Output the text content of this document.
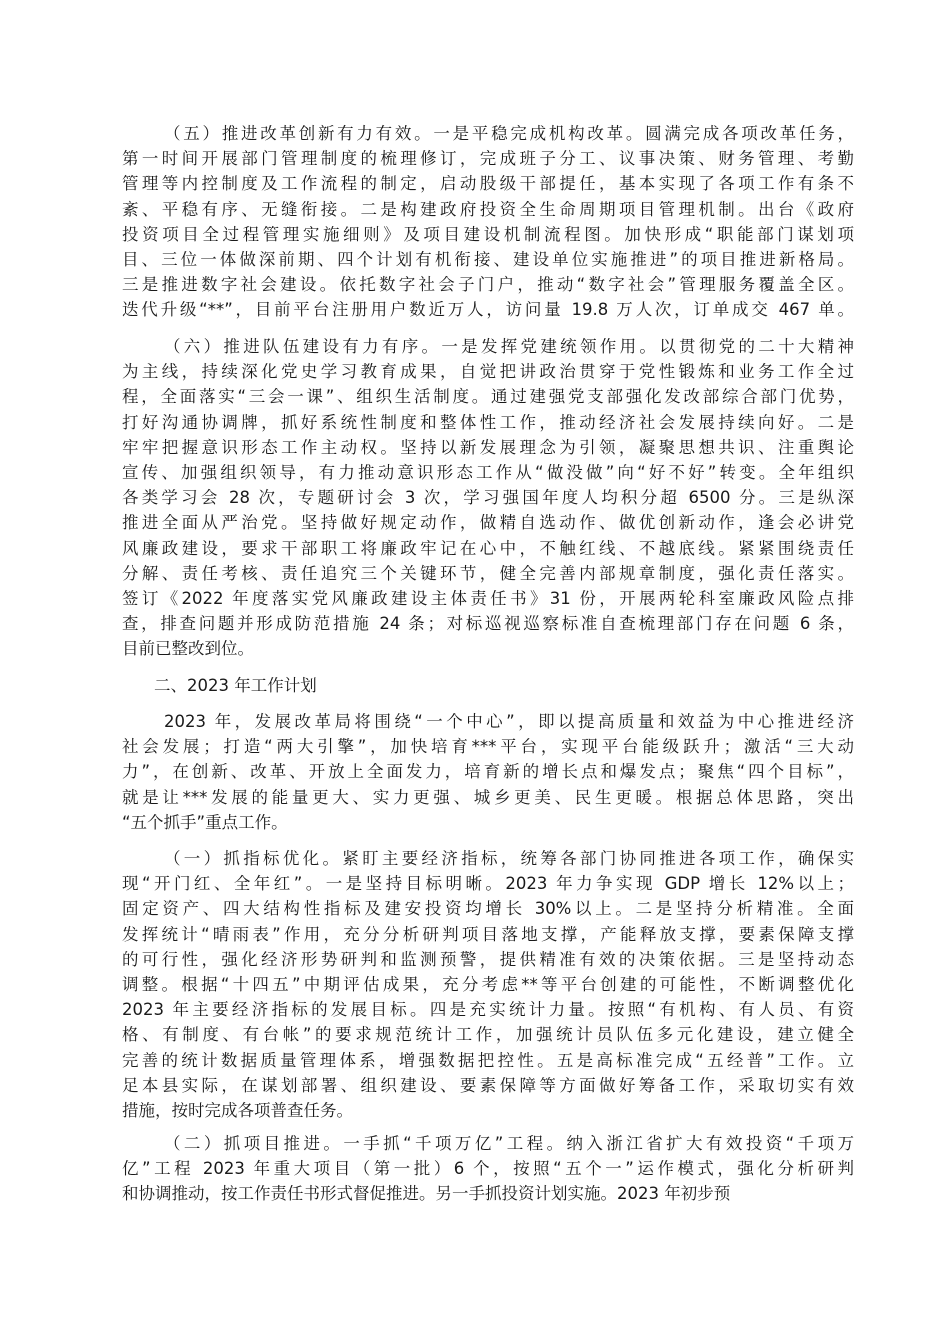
（五）推进改革创新有力有效。一是平稳完成机构改革。圆满完成各项改革任务，
第一时间开展部门管理制度的梳理修订，完成班子分工、议事决策、财务管理、考勤
管理等内控制度及工作流程的制定，启动股级干部提任，基本实现了各项工作有条不
紊、平稳有序、无缝衔接。二是构建政府投资全生命周期项目管理机制。出台《政府
投资项目全过程管理实施细则》及项目建设机制流程图。加快形成“职能部门谋划项
目、三位一体做深前期、四个计划有机衔接、建设单位实施推进”的项目推进新格局。
三是推进数字社会建设。依托数字社会子门户，推动“数字社会”管理服务覆盖全区。
迭代升级“**”，目前平台注册用户数近万人，访问量 19.8 万人次，订单成交 467 单。
（六）推进队伍建设有力有序。一是发挥党建统领作用。以贯彻党的二十大精神
为主线，持续深化党史学习教育成果，自觉把讲政治贯穿于党性锻炼和业务工作全过
程，全面落实“三会一课”、组织生活制度。通过建强党支部强化发改部综合部门优势，
打好沟通协调牌，抓好系统性制度和整体性工作，推动经济社会发展持续向好。二是
牢牢把握意识形态工作主动权。坚持以新发展理念为引领，凝聚思想共识、注重舆论
宣传、加强组织领导，有力推动意识形态工作从“做没做”向“好不好”转变。全年组织
各类学习会 28 次，专题研讨会 3 次，学习强国年度人均积分超 6500 分。三是纵深
推进全面从严治党。坚持做好规定动作，做精自选动作、做优创新动作，逢会必讲党
风廉政建设，要求干部职工将廉政牢记在心中，不触红线、不越底线。紧紧围绕责任
分解、责任考核、责任追究三个关键环节，健全完善内部规章制度，强化责任落实。
签订《2022 年度落实党风廉政建设主体责任书》31 份，开展两轮科室廉政风险点排
查，排查问题并形成防范措施 24 条；对标巡视巡察标准自查梳理部门存在问题 6 条，
目前已整改到位。
二、2023 年工作计划
2023 年，发展改革局将围绕“一个中心”，即以提高质量和效益为中心推进经济
社会发展；打造“两大引擎”，加快培育***平台，实现平台能级跃升；激活“三大动
力”，在创新、改革、开放上全面发力，培育新的增长点和爆发点；聚焦“四个目标”，
就是让***发展的能量更大、实力更强、城乡更美、民生更暖。根据总体思路，突出
“五个抓手”重点工作。
（一）抓指标优化。紧盯主要经济指标，统筹各部门协同推进各项工作，确保实
现“开门红、全年红”。一是坚持目标明晰。2023 年力争实现 GDP 增长 12%以上；
固定资产、四大结构性指标及建安投资均增长 30%以上。二是坚持分析精准。全面
发挥统计“晴雨表”作用，充分分析研判项目落地支撑，产能释放支撑，要素保障支撑
的可行性，强化经济形势研判和监测预警，提供精准有效的决策依据。三是坚持动态
调整。根据“十四五”中期评估成果，充分考虑**等平台创建的可能性，不断调整优化
2023 年主要经济指标的发展目标。四是充实统计力量。按照“有机构、有人员、有资
格、有制度、有台帐”的要求规范统计工作，加强统计员队伍多元化建设，建立健全
完善的统计数据质量管理体系，增强数据把控性。五是高标准完成“五经普”工作。立
足本县实际，在谋划部署、组织建设、要素保障等方面做好筹备工作，采取切实有效
措施，按时完成各项普查任务。
（二）抓项目推进。一手抓“千项万亿”工程。纳入浙江省扩大有效投资“千项万
亿”工程 2023 年重大项目（第一批）6 个，按照“五个一”运作模式，强化分析研判
和协调推动，按工作责任书形式督促推进。另一手抓投资计划实施。2023 年初步预
